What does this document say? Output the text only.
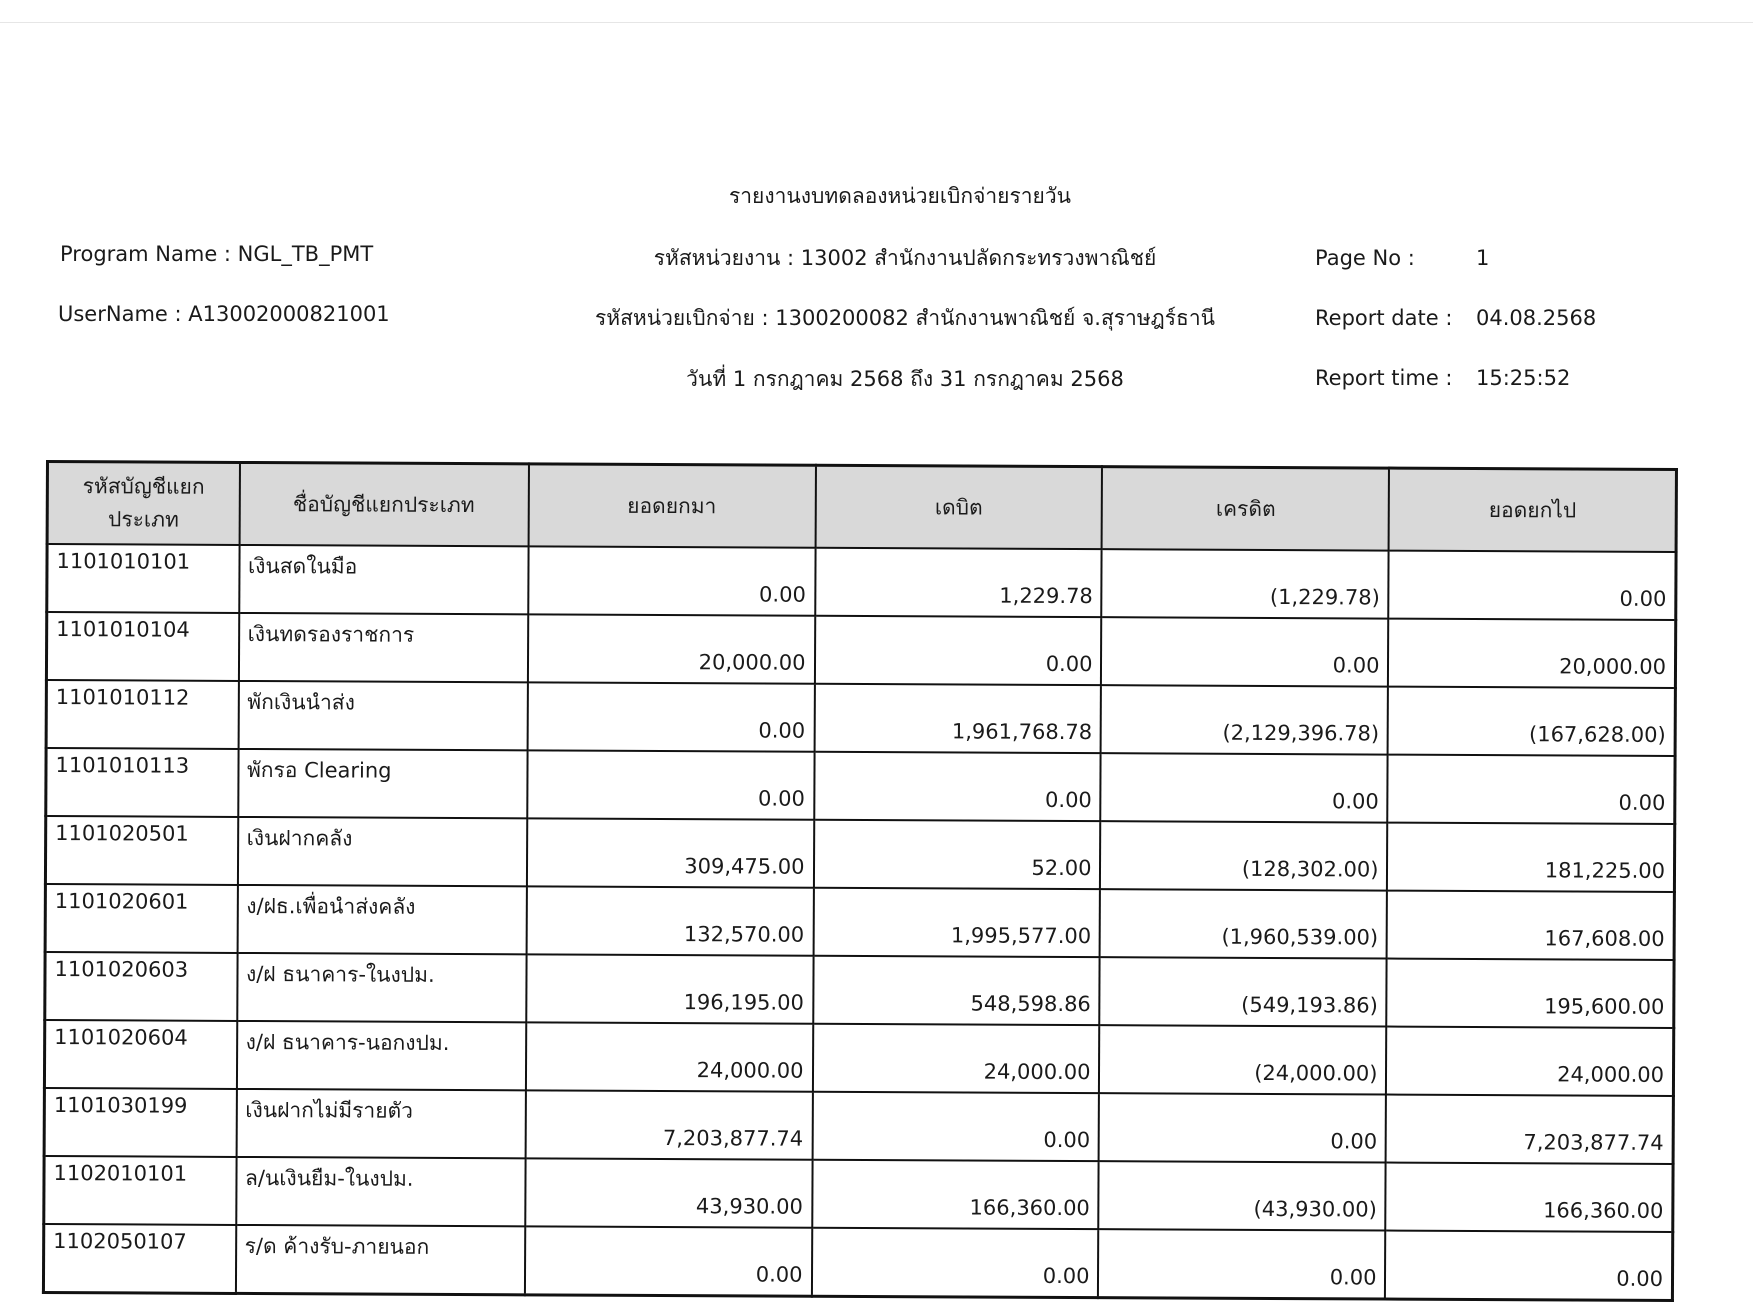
รายงานงบทดลองหน่วยเบิกจ่ายรายวัน
Program Name : NGL_TB_PMT
UserName : A13002000821001
รหัสหน่วยงาน : 13002 สำนักงานปลัดกระทรวงพาณิชย์
รหัสหน่วยเบิกจ่าย : 1300200082 สำนักงานพาณิชย์ จ.สุราษฎร์ธานี
วันที่ 1 กรกฎาคม 2568 ถึง 31 กรกฎาคม 2568
Page No :	1
Report date : 04.08.2568
Report time : 15:25:52
รหัสบัญชีแยกประเภท	ชื่อบัญชีแยกประเภท	ยอดยกมา	เดบิต	เครดิต	ยอดยกไป
1101010101	เงินสดในมือ	0.00	1,229.78	(1,229.78)	0.00
1101010104	เงินทดรองราชการ	20,000.00	0.00	0.00	20,000.00
1101010112	พักเงินนำส่ง	0.00	1,961,768.78	(2,129,396.78)	(167,628.00)
1101010113	พักรอ Clearing	0.00	0.00	0.00	0.00
1101020501	เงินฝากคลัง	309,475.00	52.00	(128,302.00)	181,225.00
1101020601	ง/ฝธ.เพื่อนำส่งคลัง	132,570.00	1,995,577.00	(1,960,539.00)	167,608.00
1101020603	ง/ฝ ธนาคาร-ในงปม.	196,195.00	548,598.86	(549,193.86)	195,600.00
1101020604	ง/ฝ ธนาคาร-นอกงปม.	24,000.00	24,000.00	(24,000.00)	24,000.00
1101030199	เงินฝากไม่มีรายตัว	7,203,877.74	0.00	0.00	7,203,877.74
1102010101	ล/นเงินยืม-ในงปม.	43,930.00	166,360.00	(43,930.00)	166,360.00
1102050107	ร/ด ค้างรับ-ภายนอก	0.00	0.00	0.00	0.00
